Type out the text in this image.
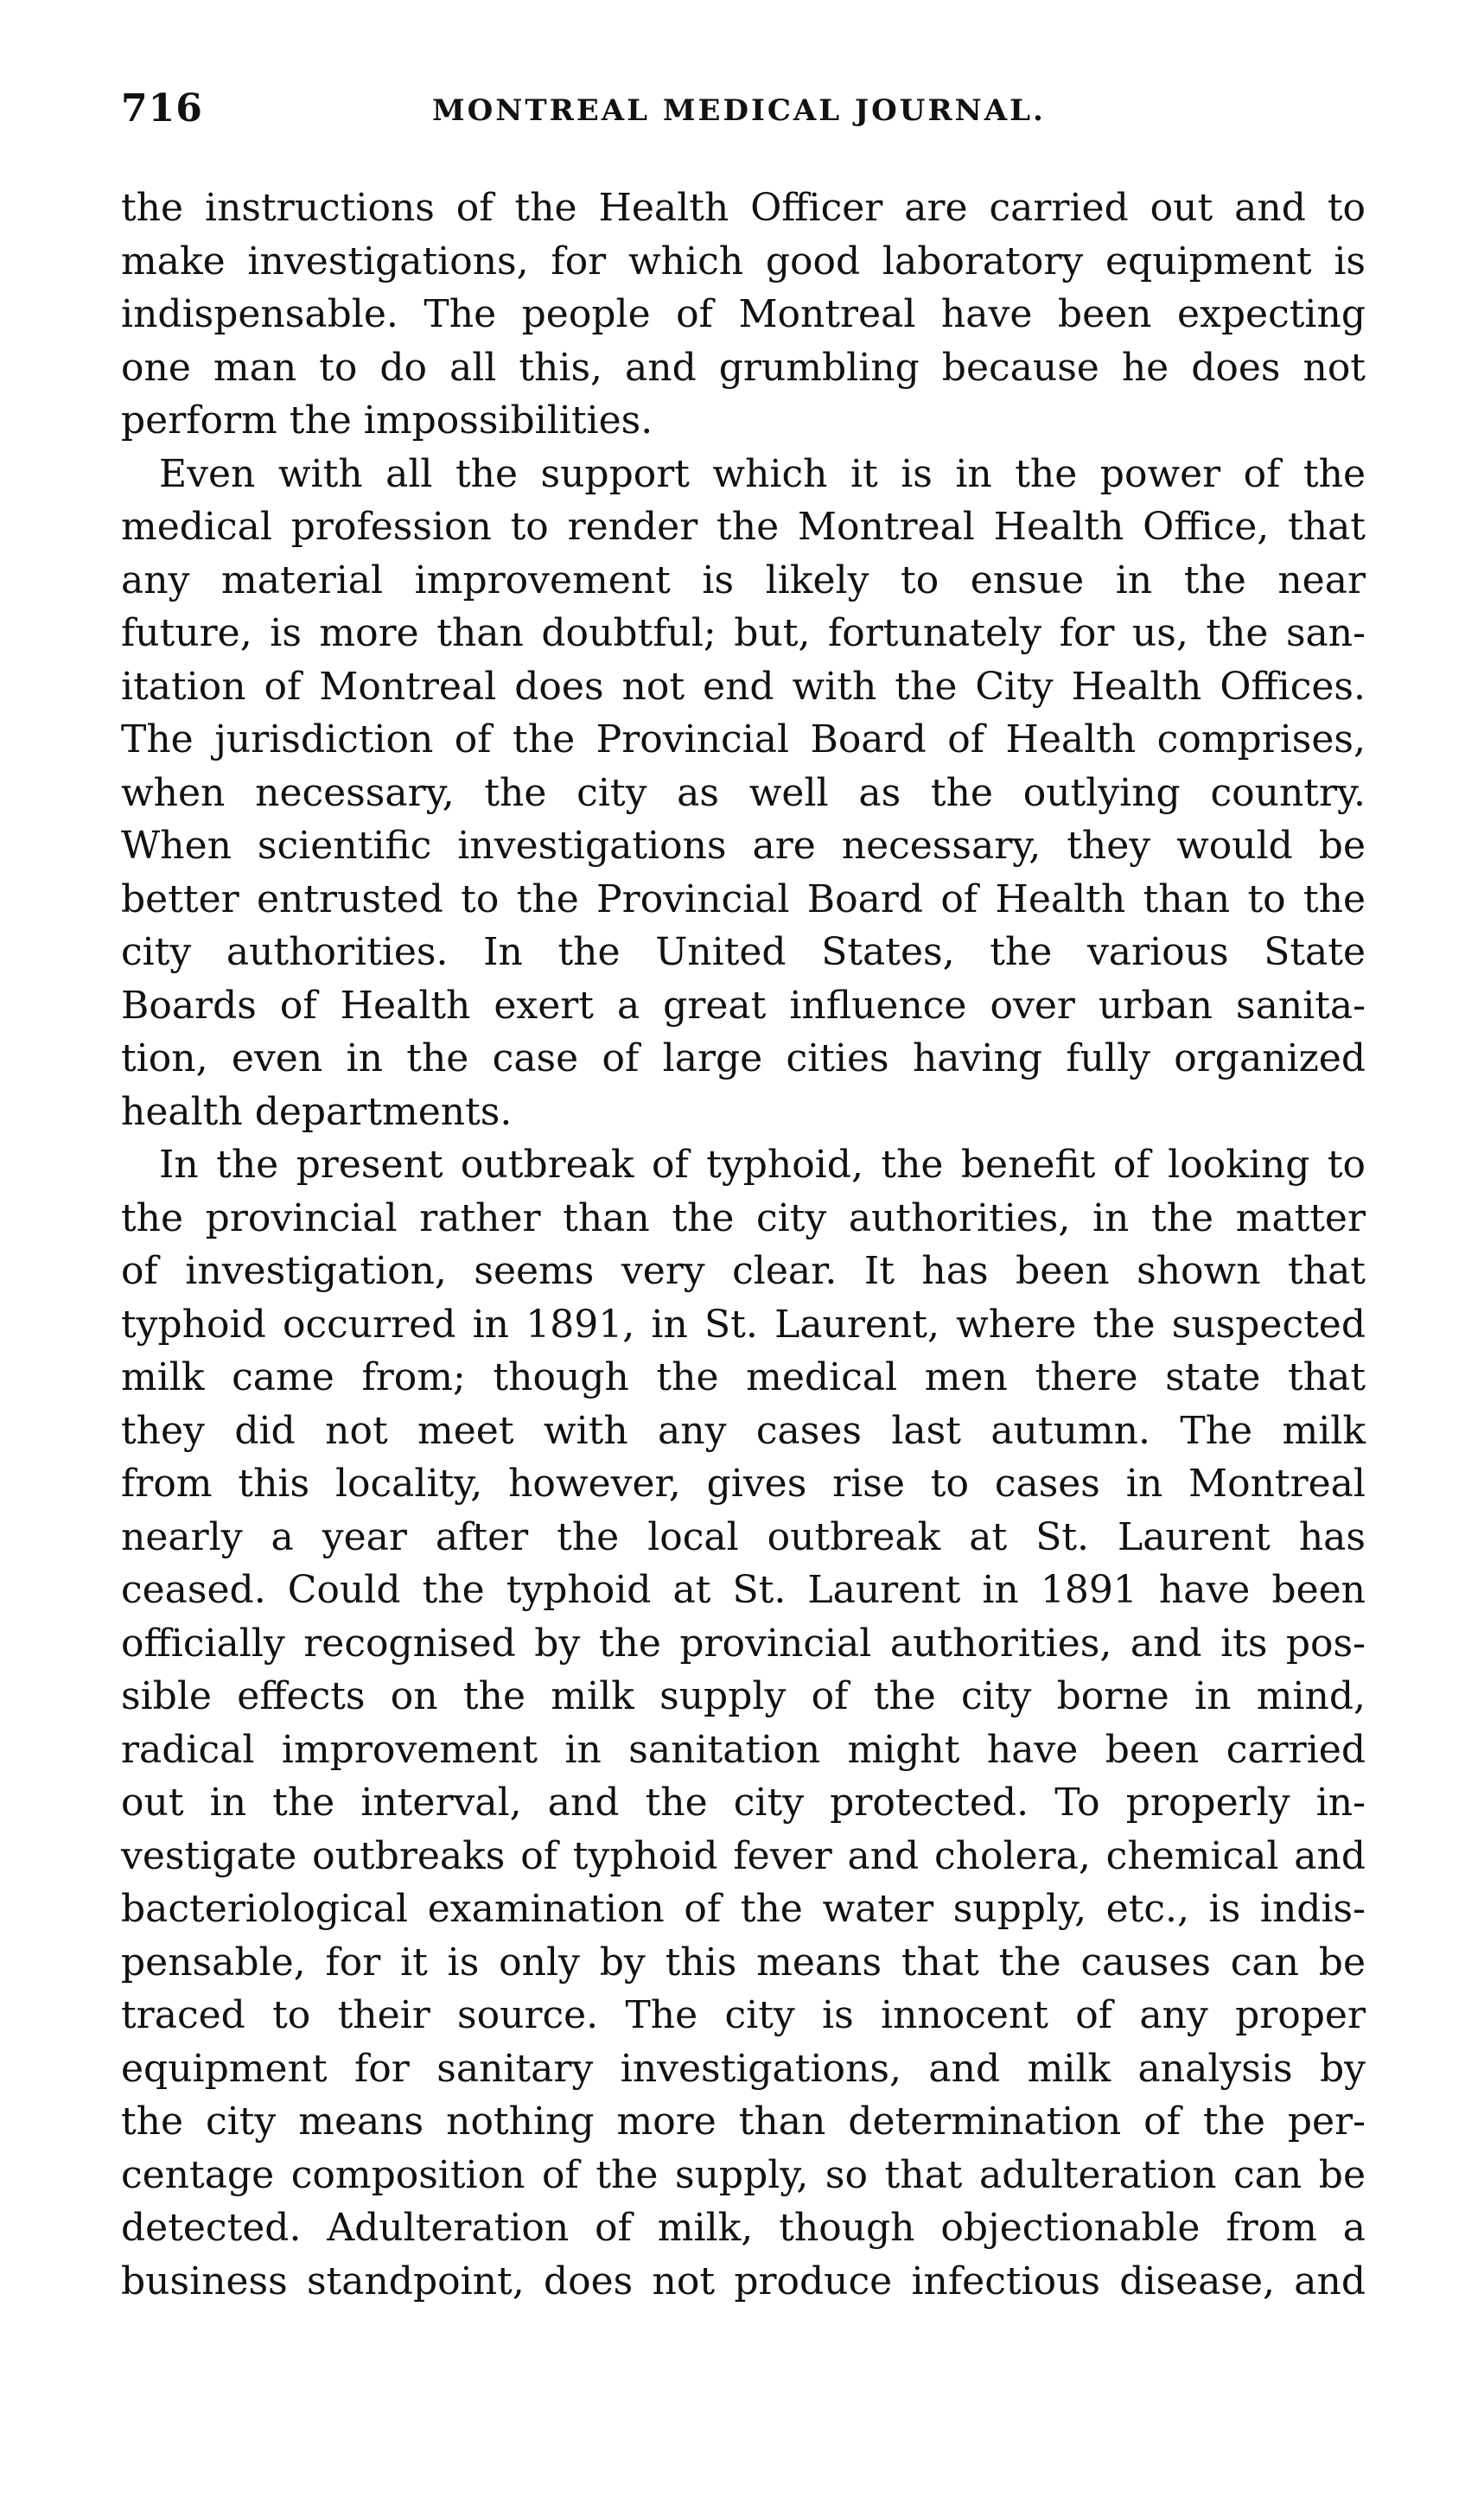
716	MONTREAL MEDICAL JOURNAL.
the instructions of the Health Officer are carried out and to
make investigations, for which good laboratory equipment is
indispensable. The people of Montreal have been expecting
one man to do all this, and grumbling because he does not
perform the impossibilities.
Even with all the support which it is in the power of the
medical profession to render the Montreal Health Office, that
any material improvement is likely to ensue in the near
future, is more than doubtful; but, fortunately for us, the san-
itation of Montreal does not end with the City Health Offices.
The jurisdiction of the Provincial Board of Health comprises,
when necessary, the city as well as the outlying country.
When scientific investigations are necessary, they would be
better entrusted to the Provincial Board of Health than to the
city authorities. In the United States, the various State
Boards of Health exert a great influence over urban sanita-
tion, even in the case of large cities having fully organized
health departments.
In the present outbreak of typhoid, the benefit of looking to
the provincial rather than the city authorities, in the matter
of investigation, seems very clear. It has been shown that
typhoid occurred in 1891, in St. Laurent, where the suspected
milk came from; though the medical men there state that
they did not meet with any cases last autumn. The milk
from this locality, however, gives rise to cases in Montreal
nearly a year after the local outbreak at St. Laurent has
ceased. Could the typhoid at St. Laurent in 1891 have been
officially recognised by the provincial authorities, and its pos-
sible effects on the milk supply of the city borne in mind,
radical improvement in sanitation might have been carried
out in the interval, and the city protected. To properly in-
vestigate outbreaks of typhoid fever and cholera, chemical and
bacteriological examination of the water supply, etc., is indis-
pensable, for it is only by this means that the causes can be
traced to their source. The city is innocent of any proper
equipment for sanitary investigations, and milk analysis by
the city means nothing more than determination of the per-
centage composition of the supply, so that adulteration can be
detected. Adulteration of milk, though objectionable from a
business standpoint, does not produce infectious disease, and
